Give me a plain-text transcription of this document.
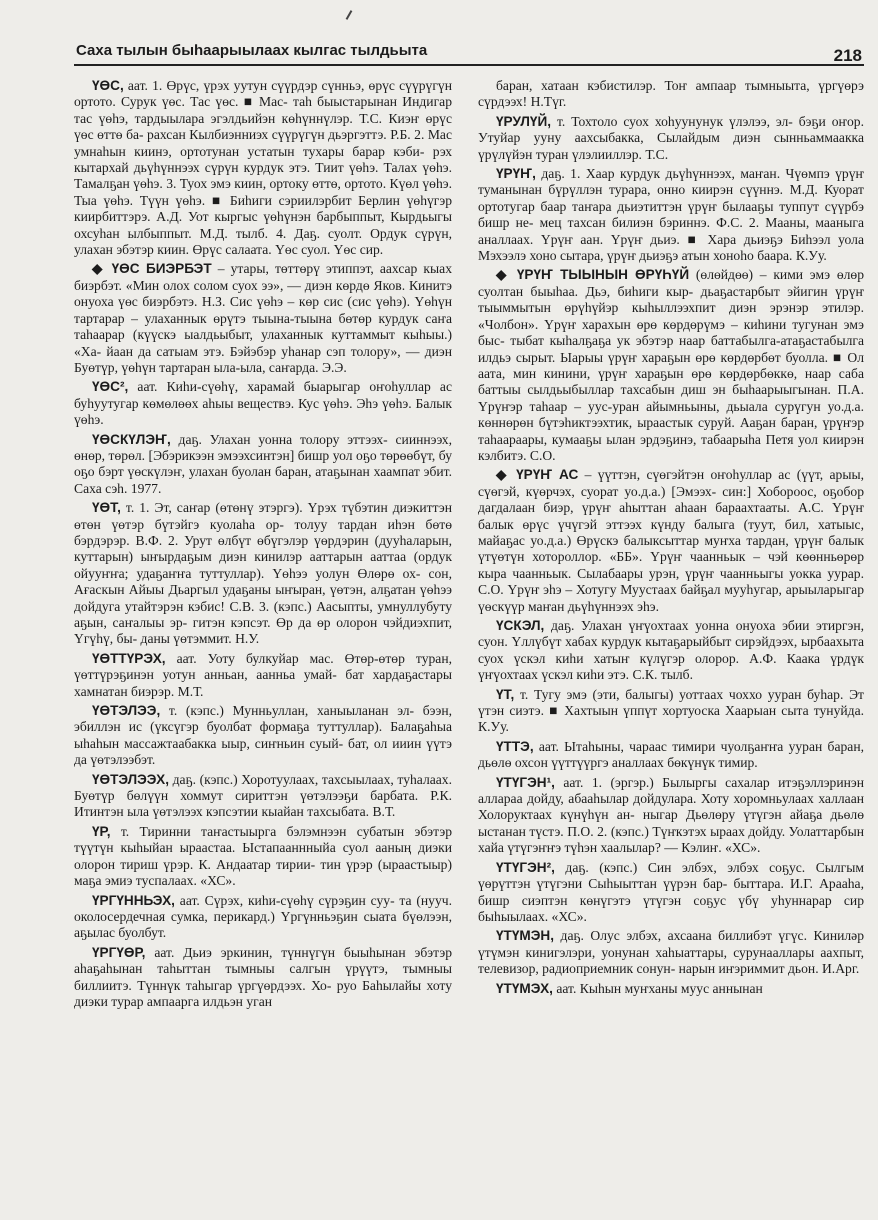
Саха тылын быһаарыылаах кылгас тылдьыта	218

ҮӨС, аат. 1. Өрүс, үрэх уутун сүүрдэр сүнньэ, өрүс сүүрүгүн ортото. Сурук үөс. Тас үөс. ■ Мас- таһ быыстарынан Индигар тас үөһэ, тардыылара эгэлдьийэн көһүннүлэр. Т.С. Киэҥ өрүс үөс өттө ба- рахсан Кылбиэнниэх сүүрүгүн дьэргэттэ. Р.Б. 2. Мас умнаһын киинэ, ортотунан устатын тухары барар кэби- рэх кытархай дьүһүннээх сүрүн курдук этэ. Тиит үөһэ. Талах үөһэ. Тамалҕан үөһэ. 3. Туох эмэ киин, ортоку өттө, ортото. Күөл үөһэ. Тыа үөһэ. Түүн үөһэ. ■ Биһиги сэриилэрбит Берлин үөһүгэр киирбиттэрэ. А.Д. Уот кыргыс үөһүнэн барбыппыт, Кырдьыгы охсуһан ылбыппыт. М.Д. тылб. 4. Даҕ. суолт. Ордук сүрүн, улахан эбэтэр киин. Өрүс салаата. Үөс суол. Үөс сир.

◆ ҮӨС БИЭРБЭТ – утары, төттөрү этиппэт, аахсар кыах биэрбэт. «Мин олох солом суох ээ», — диэн көрдө Яков. Кинитэ онуоха үөс биэрбэтэ. Н.З. Сис үөһэ – көр сис (сис үөһэ). Үөһүн тартарар – улаханнык өрүтэ тыына-тыына бөтөр курдук саҥа таһаарар (күүскэ ыалдьыбыт, улаханнык куттаммыт кыһыы.) «Ха- йаан да сатыам этэ. Бэйэбэр уһанар сэп толору», — диэн Буөтүр, үөһүн тартаран ыла-ыла, саҥарда. Э.Э.

ҮӨС², аат. Киһи-сүөһү, харамай быарыгар оҥоһуллар ас буһуутугар көмөлөөх аһыы веществэ. Кус үөһэ. Эһэ үөһэ. Балык үөһэ.

ҮӨСКҮЛЭҤ, даҕ. Улахан уонна толору эттээх- сииннээх, өнөр, төрөл. [Эбэрикээн эмээхсинтэн] бишр уол оҕо төрөөбүт, бу оҕо бэрт үөскүлэҥ, улахан буолан баран, атаҕынан хаампат эбит. Саха сэһ. 1977.

ҮӨТ, т. 1. Эт, саҥар (өтөнү этэргэ). Үрэх түбэтин диэкиттэн өтөн үөтэр бүтэйгэ куолаһа ор- толуу тардан иһэн бөтө бэрдэрэр. В.Ф. 2. Урут өлбүт өбүгэлэр үөрдэрин (дууһаларын, куттарын) ыҥырдаҕым диэн кинилэр ааттарын ааттаа (ордук ойууҥҥа; удаҕаҥҥа туттуллар). Үөһээ уолун Өлөрө ох- сон, Ағаскын Айыы Дьаргыл удаҕаны ыҥыран, үөтэн, алҕатан үөһээ дойдуга утайтэрэн кэбис! С.В. 3. (кэпс.) Аасыпты, умнуллубуту аҕын, саҥалыы эр- гитэн кэпсэт. Өр да өр олорон чэйдиэхпит, Үгүһү, бы- даны үөтэммит. Н.У.

ҮӨТТҮРЭХ, аат. Уоту булкуйар мас. Өтөр-өтөр туран, үөттүрэҕинэн уотун анньан, аанньа умай- бат хардаҕастары хамнатан биэрэр. М.Т.

ҮӨТЭЛЭЭ, т. (кэпс.) Мунньуллан, ханыыланан эл- бээн, эбиллэн ис (үксүгэр буолбат формаҕа туттуллар). Балаҕаһыа ыһаһын массажтаабакка ыыр, сиҥньин суый- бат, ол ииин үүтэ да үөтэлээбэт.

ҮӨТЭЛЭЭХ, даҕ. (кэпс.) Хоротуулаах, тахсыылаах, туһалаах. Буөтүр бөлүүн хоммут сириттэн үөтэлээҕи барбата. Р.К. Итинтэн ыла үөтэлээх кэпсэтии кыайан тахсыбата. В.Т.

ҮР, т. Тиринни таҥастыырга бэлэмнээн субатын эбэтэр түүтүн кыһыйан ыраастаа. Ыстапааннныйа суол ааның диэки олорон тириш үрэр. К. Андаатар тирии- тин үрэр (ыраастыыр) маҕа эмиэ туспалаах. «ХС».

ҮРГҮННЬЭХ, аат. Сүрэх, киһи-сүөһү сүрэҕин суу- та (нууч. околосердечная сумка, перикард.) Үргүнньэҕин сыата бүөлээн, аҕылас буолбут.

ҮРГҮӨР, аат. Дьиэ эркинин, түннүгүн быыһынан эбэтэр аһаҕаһынан таһыттан тымныы салгын үрүүтэ, тымныы биллиитэ. Түннүк таһыгар үргүөрдээх. Хо- руо Баһылайы хоту диэки турар ампаарга илдьэн уган

баран, хатаан кэбистилэр. Тоҥ ампаар тымныыта, үргүөрэ сүрдээх! Н.Түг.

ҮРУЛҮЙ, т. Тохтоло суох хоһуунунук үлэлээ, эл- бэҕи оҥор. Утуйар ууну аахсыбакка, Сылайдым диэн сынньаммаакка үрүлүйэн туран үлэлииллэр. Т.С.

ҮРҮҤ, даҕ. 1. Хаар курдук дьүһүннээх, маҥан. Чүөмпэ үрүҥ туманынан бүрүллэн турара, онно киирэн сүүннэ. М.Д. Куорат ортотугар баар таҥара дьиэтиттэн үрүҥ былааҕы туппут сүүрбэ бишр не- мец тахсан билиэн бэриннэ. Ф.С. 2. Мааны, мааныга аналлаах. Үрүҥ аан. Үрүҥ дьиэ. ■ Хара дьиэҕэ Биһээл уола Мэхээлэ хоно сытара, үрүҥ дьиэҕэ атын хоноһо баара. К.Уу.

◆ ҮРҮҤ ТЫЫНЫН ӨРҮҺҮЙ (өлөйдөө) – кими эмэ өлөр суолтан быыһаа. Дьэ, биһиги кыр- дьаҕастарбыт эйигин үрүҥ тыыммытын өрүһүйэр кыһыллээхпит диэн эрэнэр этилэр. «Чолбон». Үрүҥ харахын өрө көрдөрүмэ – киһини тугунан эмэ быс- тыбат кыһалҕаҕа ук эбэтэр наар баттабылга-атаҕастабылга илдьэ сырыт. Ыарыы үрүҥ хараҕын өрө көрдөрбөт буолла. ■ Ол аата, мин кинини, үрүҥ хараҕын өрө көрдөрбөккө, наар саба баттыы сылдьыбыллар тахсабын диш эн быһаарыыгынан. П.А. Үрүҥэр таһаар – уус-уран айымньыны, дьыала сурүгун уо.д.а. көннөрөн бүтэһиктээхтик, ыраастык суруй. Ааҕан баран, үрүҥэр таһаараары, кумааҕы ылан эрдэҕинэ, табаарыһа Петя уол киирэн кэлбитэ. С.О.

◆ ҮРҮҤ АС – үүттэн, сүөгэйтэн оҥоһуллар ас (үүт, арыы, сүөгэй, күөрчэх, суорат уо.д.а.) [Эмээх- син:] Хобороос, оҕобор дагдалаан биэр, үрүҥ аһыттан аһаан бараахтааты. А.С. Үрүҥ балык өрүс үчүгэй эттээх күнду балыга (туут, бил, хатыыс, майаҕас уо.д.а.) Өрүскэ балыксыттар муҥха тардан, үрүҥ балык үтүөтүн хотороллор. «ББ». Үрүҥ чаанньык – чэй көөнньөрөр кыра чаанньык. Сылабаары урэн, үрүҥ чаанньыгы уокка уурар. С.О. Үрүҥ эһэ – Хотугу Муустаах байҕал мууһугар, арыыларыгар үөскүүр маҥан дьүһүннээх эһэ.

ҮСКЭЛ, даҕ. Улахан үҥүохтаах уонна онуоха эбии этиргэн, суон. Үллүбүт хабах курдук кытаҕарыйбыт сирэйдээх, ырбаахыта суох үскэл киһи хатыҥ күлүгэр олорор. А.Ф. Каака үрдүк үҥүохтаах үскэл киһи этэ. С.К. тылб.

ҮТ, т. Тугу эмэ (эти, балыгы) уоттаах чоххо ууран буһар. Эт үтэн сиэтэ. ■ Хахтыын үппүт хортуоска Хаарыан сыта тунуйда. К.Уу.

ҮТТЭ, аат. Ытаһыны, чараас тимири чуолҕаҥҥа ууран баран, дьөлө охсон үүттүүргэ аналлаах бөкүнүк тимир.

ҮТҮГЭН¹, аат. 1. (эргэр.) Былыргы сахалар итэҕэллэринэн аллараа дойду, абааһылар дойдулара. Хоту хоромньулаах халлаан Холоруктаах күнүһүн ан- ныгар Дьөлөру үтүгэн айаҕа дьөлө ыстанан түстэ. П.О. 2. (кэпс.) Түҥкэтэх ыраах дойду. Уолаттарбын хайа үтүгэҥҥэ түһэн хаалылар? — Кэлиҥ. «ХС».

ҮТҮГЭН², даҕ. (кэпс.) Син элбэх, элбэх соҕус. Сылгым үөрүттэн үтүгэни Сыһыыттан үүрэн бар- быттара. И.Г. Арааһа, бишр сиэптэн көнүгэтэ үтүгэн соҕус үбү уһуннарар сир быһыылаах. «ХС».

ҮТҮМЭН, даҕ. Олус элбэх, ахсаана биллибэт үгүс. Киниләр үтүмэн кинигэлэри, уонунан хаһыаттары, сурунааллары аахпыт, телевизор, радиоприемник сонун- нарын иҥэриммит дьон. И.Арг.

ҮТҮМЭХ, аат. Кыһын муҥханы муус аннынан
